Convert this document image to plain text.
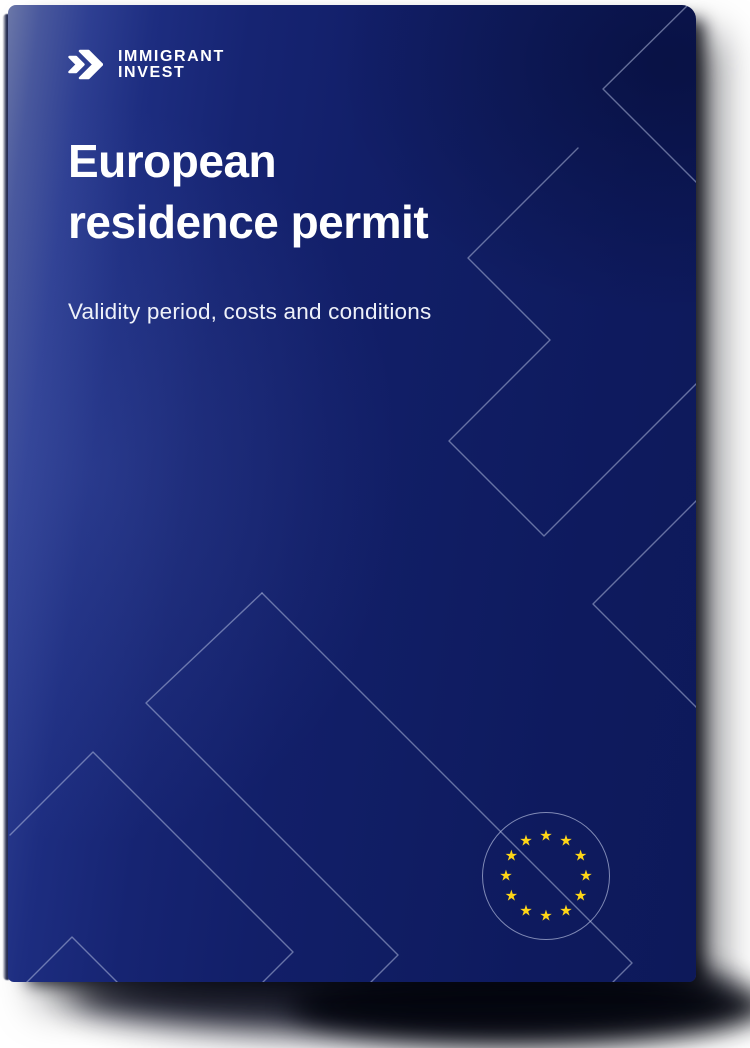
IMMIGRANT
INVEST
European
residence permit

Validity period, costs and conditions

★ ★
★
★
★
★
★
★
★
★
★
★
